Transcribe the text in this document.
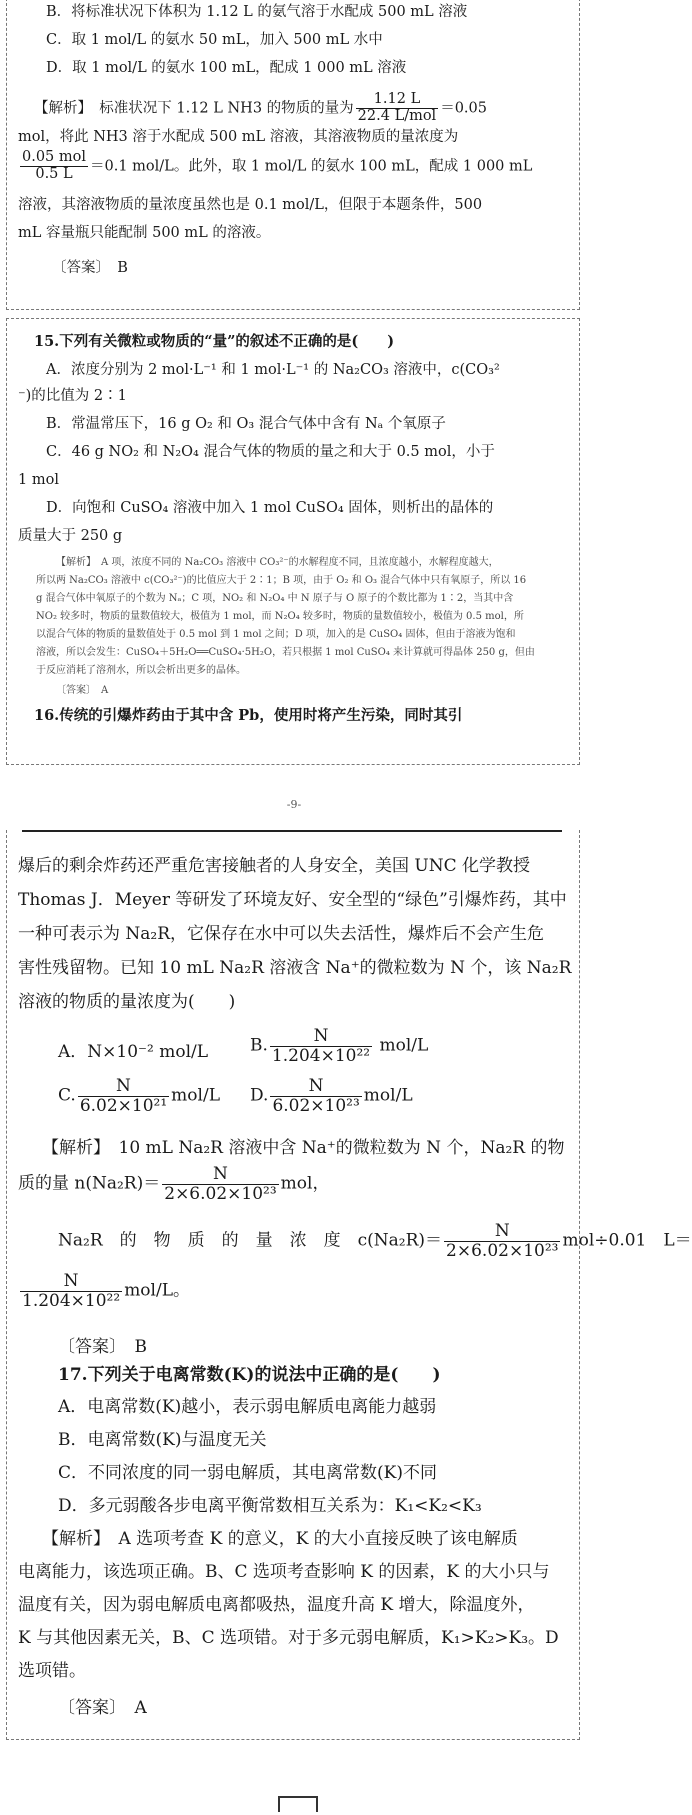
B．将标准状况下体积为 1.12 L 的氨气溶于水配成 500 mL 溶液
C．取 1 mol/L 的氨水 50 mL，加入 500 mL 水中
D．取 1 mol/L 的氨水 100 mL，配成 1 000 mL 溶液
【解析】　标准状况下 1.12 L NH3 的物质的量为 $\frac{1.12 L}{\text{22.4 L/mol}} =0.05$
mol，将此 NH3 溶于水配成 500 mL 溶液，其溶液物质的量浓度为
$\frac{\text{0.05 mol}}{0.5 L} =0.1$ mol/L。此外，取 1 mol/L 的氨水 100 mL，配成 1 000 mL
溶液，其溶液物质的量浓度虽然也是 0.1 mol/L，但限于本题条件，500
mL 容量瓶只能配制 500 mL 的溶液。
〔答案〕　B
15.下列有关微粒或物质的“量”的叙述不正确的是(　　)
A．浓度分别为 2 mol·L⁻¹ 和 1 mol·L⁻¹ 的 Na₂CO₃ 溶液中，c(CO₃²
⁻)的比值为 2∶1
B．常温常压下，16 g O₂ 和 O₃ 混合气体中含有 Nₐ 个氧原子
C．46 g NO₂ 和 N₂O₄ 混合气体的物质的量之和大于 0.5 mol，小于
1 mol
D．向饱和 CuSO₄ 溶液中加入 1 mol CuSO₄ 固体，则析出的晶体的
质量大于 250 g
【解析】　A 项，浓度不同的 Na₂CO₃ 溶液中 CO₃²⁻的水解程度不同，且浓度越小，水解程度越大，
所以两 Na₂CO₃ 溶液中 c(CO₃²⁻)的比值应大于 2∶1；B 项，由于 O₂ 和 O₃ 混合气体中只有氧原子，所以 16
g 混合气体中氧原子的个数为 Nₐ；C 项，NO₂ 和 N₂O₄ 中 N 原子与 O 原子的个数比都为 1∶2，当其中含
NO₂ 较多时，物质的量数值较大，极值为 1 mol，而 N₂O₄ 较多时，物质的量数值较小，极值为 0.5 mol，所
以混合气体的物质的量数值处于 0.5 mol 到 1 mol 之间；D 项，加入的是 CuSO₄ 固体，但由于溶液为饱和
溶液，所以会发生：CuSO₄＋5H₂O══CuSO₄·5H₂O，若只根据 1 mol CuSO₄ 来计算就可得晶体 250 g，但由
于反应消耗了溶剂水，所以会析出更多的晶体。
〔答案〕　A
16.传统的引爆炸药由于其中含 Pb，使用时将产生污染，同时其引
-9-
爆后的剩余炸药还严重危害接触者的人身安全，美国 UNC 化学教授
Thomas J．Meyer 等研发了环境友好、安全型的“绿色”引爆炸药，其中
一种可表示为 Na₂R，它保存在水中可以失去活性，爆炸后不会产生危
害性残留物。已知 10 mL Na₂R 溶液含 Na⁺的微粒数为 N 个，该 Na₂R
溶液的物质的量浓度为(　　)
A．N×10⁻² mol/L	B. $\frac{N}{\text{1.204×10²²}} mol/L$
C. $\frac{N}{\text{6.02×10²¹}} mol/L$	D. $\frac{N}{\text{6.02×10²³}} mol/L$
【解析】　10 mL Na₂R 溶液中含 Na⁺的微粒数为 N 个，Na₂R 的物
质的量 $n(Na_2R)= \frac{N}{\text{2×6.02×10²³}}$ mol，
Na₂R　的　物　质　的　量　浓　度　$c(Na_2R)= \frac{N}{\text{2×6.02×10²³}} mol\div 0.01$　L＝
$\frac{N}{\text{1.204×10²²}} mol/L$。
〔答案〕　B
17.下列关于电离常数(K)的说法中正确的是(　　)
A．电离常数(K)越小，表示弱电解质电离能力越弱
B．电离常数(K)与温度无关
C．不同浓度的同一弱电解质，其电离常数(K)不同
D．多元弱酸各步电离平衡常数相互关系为：K₁<K₂<K₃
【解析】　A 选项考查 K 的意义，K 的大小直接反映了该电解质
电离能力，该选项正确。B、C 选项考查影响 K 的因素，K 的大小只与
温度有关，因为弱电解质电离都吸热，温度升高 K 增大，除温度外，
K 与其他因素无关，B、C 选项错。对于多元弱电解质，K₁>K₂>K₃。D
选项错。
〔答案〕　A
